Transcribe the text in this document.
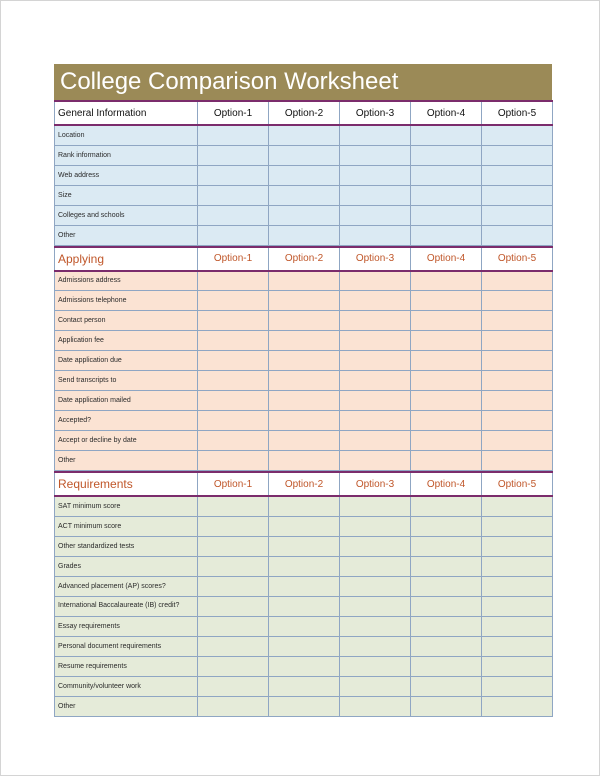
College Comparison Worksheet
General Information	Option-1	Option-2	Option-3	Option-4	Option-5
Location					
Rank information					
Web address					
Size					
Colleges and schools					
Other					
Applying	Option-1	Option-2	Option-3	Option-4	Option-5
Admissions address					
Admissions telephone					
Contact person					
Application fee					
Date application due					
Send transcripts to					
Date application mailed					
Accepted?					
Accept or decline by date					
Other					
Requirements	Option-1	Option-2	Option-3	Option-4	Option-5
SAT minimum score					
ACT minimum score					
Other standardized tests					
Grades					
Advanced placement (AP) scores?					
International Baccalaureate (IB) credit?					
Essay requirements					
Personal document requirements					
Resume requirements					
Community/volunteer work					
Other					
